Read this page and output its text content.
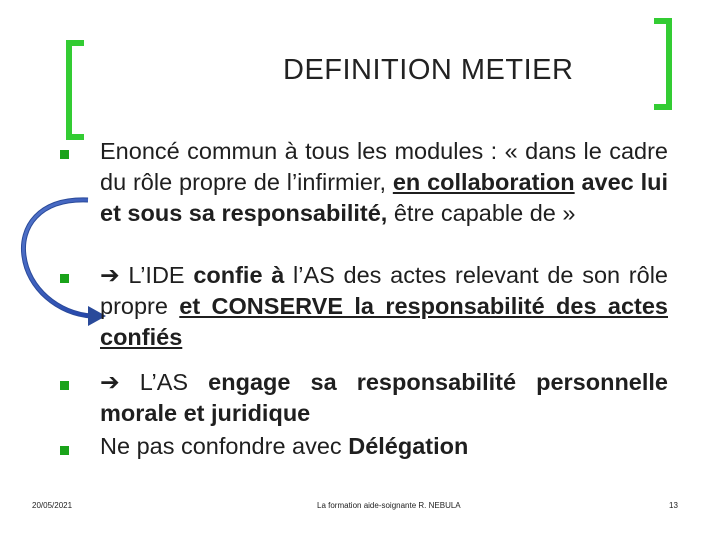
DEFINITION METIER
Enoncé commun à tous les modules : « dans le cadre du rôle propre de l’infirmier, en collaboration avec lui et sous sa responsabilité, être capable de »
➔ L’IDE confie à l’AS des actes relevant de son rôle propre et CONSERVE la responsabilité des actes confiés
➔ L’AS engage sa responsabilité personnelle morale et juridique
Ne pas confondre avec Délégation
20/05/2021	La formation aide-soignante R. NEBULA	13
